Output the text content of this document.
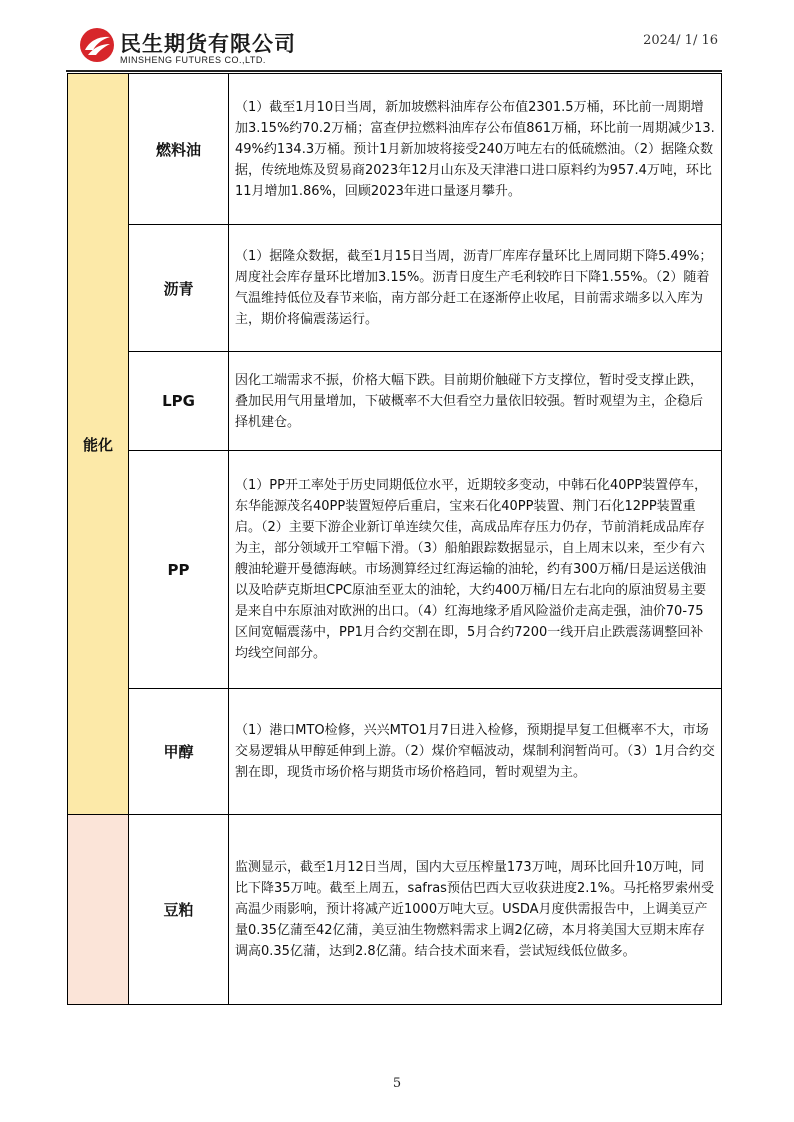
民生期货有限公司
MINSHENG FUTURES CO.,LTD.
2024/ 1/ 16
能化	燃料油	（1）截至1月10日当周，新加坡燃料油库存公布值2301.5万桶，环比前一周期增加3.15%约70.2万桶；富查伊拉燃料油库存公布值861万桶，环比前一周期减少13.49%约134.3万桶。预计1月新加坡将接受240万吨左右的低硫燃油。（2）据隆众数据，传统地炼及贸易商2023年12月山东及天津港口进口原料约为957.4万吨，环比11月增加1.86%，回顾2023年进口量逐月攀升。
	沥青	（1）据隆众数据，截至1月15日当周，沥青厂库库存量环比上周同期下降5.49%；周度社会库存量环比增加3.15%。沥青日度生产毛利较昨日下降1.55%。（2）随着气温维持低位及春节来临，南方部分赶工在逐渐停止收尾，目前需求端多以入库为主，期价将偏震荡运行。
	LPG	因化工端需求不振，价格大幅下跌。目前期价触碰下方支撑位，暂时受支撑止跌，叠加民用气用量增加，下破概率不大但看空力量依旧较强。暂时观望为主，企稳后择机建仓。
	PP	（1）PP开工率处于历史同期低位水平，近期较多变动，中韩石化40PP装置停车，东华能源茂名40PP装置短停后重启，宝来石化40PP装置、荆门石化12PP装置重启。（2）主要下游企业新订单连续欠佳，高成品库存压力仍存，节前消耗成品库存为主，部分领域开工窄幅下滑。（3）船舶跟踪数据显示，自上周末以来，至少有六艘油轮避开曼德海峡。市场测算经过红海运输的油轮，约有300万桶/日是运送俄油以及哈萨克斯坦CPC原油至亚太的油轮，大约400万桶/日左右北向的原油贸易主要是来自中东原油对欧洲的出口。（4）红海地缘矛盾风险溢价走高走强，油价70-75区间宽幅震荡中，PP1月合约交割在即，5月合约7200一线开启止跌震荡调整回补均线空间部分。
	甲醇	（1）港口MTO检修，兴兴MTO1月7日进入检修，预期提早复工但概率不大，市场交易逻辑从甲醇延伸到上游。（2）煤价窄幅波动，煤制利润暂尚可。（3）1月合约交割在即，现货市场价格与期货市场价格趋同，暂时观望为主。
	豆粕	监测显示，截至1月12日当周，国内大豆压榨量173万吨，周环比回升10万吨，同比下降35万吨。截至上周五，safras预估巴西大豆收获进度2.1%。马托格罗索州受高温少雨影响，预计将减产近1000万吨大豆。USDA月度供需报告中，上调美豆产量0.35亿蒲至42亿蒲，美豆油生物燃料需求上调2亿磅，本月将美国大豆期末库存调高0.35亿蒲，达到2.8亿蒲。结合技术面来看，尝试短线低位做多。
5
